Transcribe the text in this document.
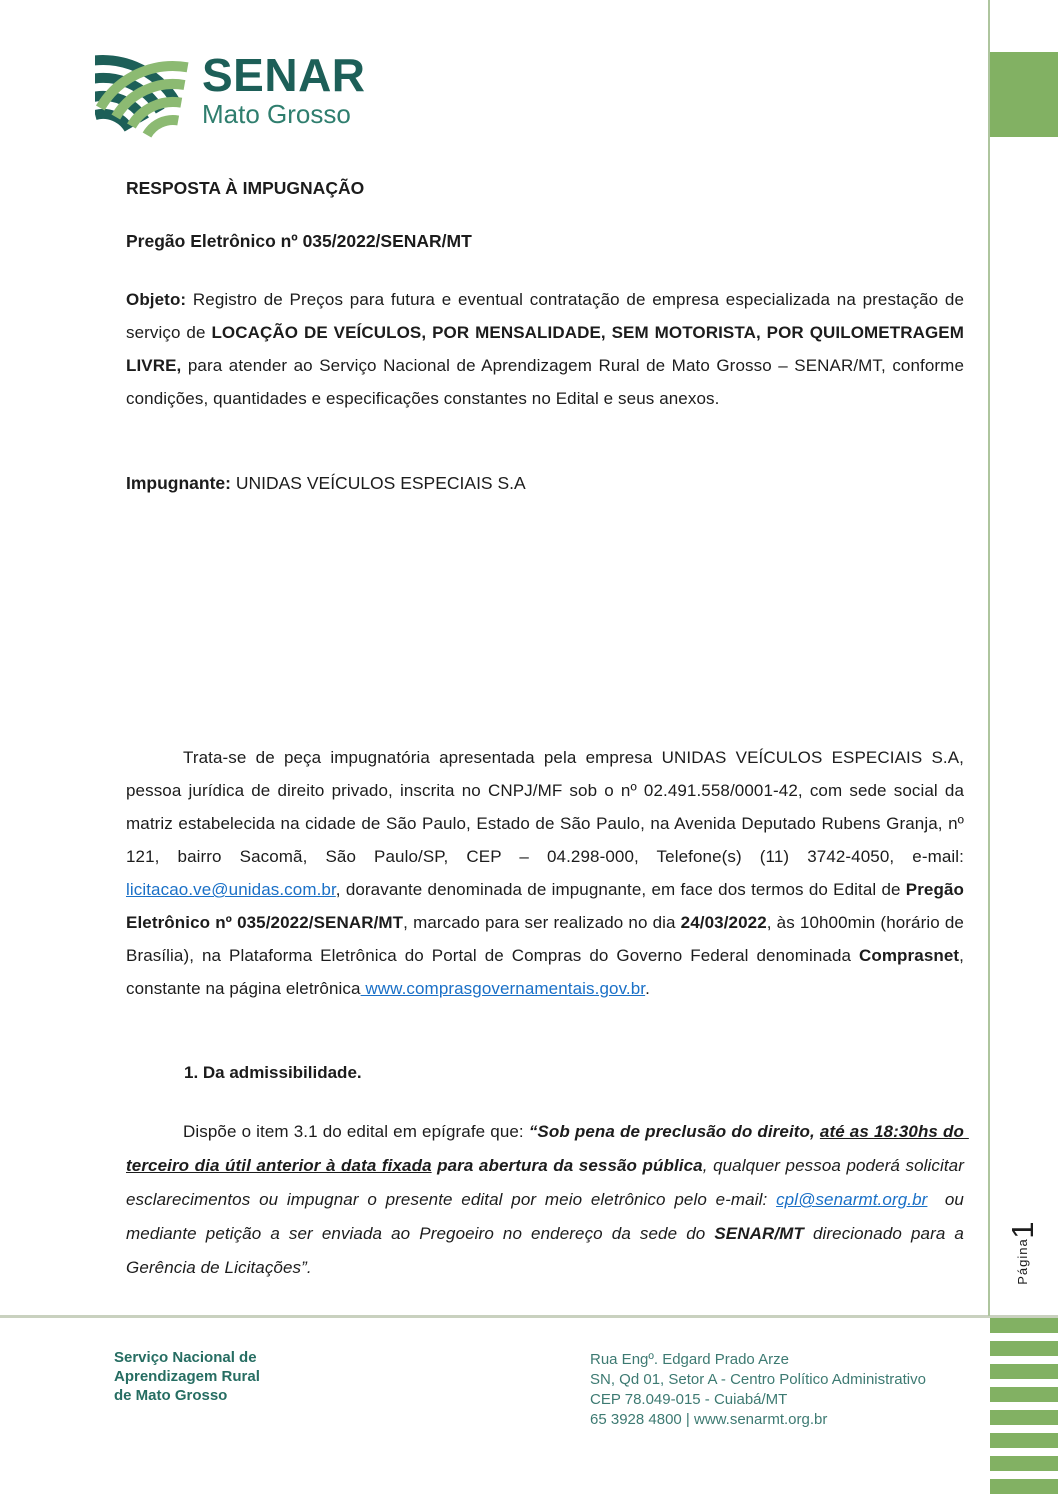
SENAR
Mato Grosso
RESPOSTA À IMPUGNAÇÃO
Pregão Eletrônico nº 035/2022/SENAR/MT
Objeto: Registro de Preços para futura e eventual contratação de empresa especializada na prestação de serviço de LOCAÇÃO DE VEÍCULOS, POR MENSALIDADE, SEM MOTORISTA, POR QUILOMETRAGEM LIVRE, para atender ao Serviço Nacional de Aprendizagem Rural de Mato Grosso – SENAR/MT, conforme condições, quantidades e especificações constantes no Edital e seus anexos.
Impugnante: UNIDAS VEÍCULOS ESPECIAIS S.A
Trata-se de peça impugnatória apresentada pela empresa UNIDAS VEÍCULOS ESPECIAIS S.A, pessoa jurídica de direito privado, inscrita no CNPJ/MF sob o nº 02.491.558/0001-42, com sede social da matriz estabelecida na cidade de São Paulo, Estado de São Paulo, na Avenida Deputado Rubens Granja, nº 121, bairro Sacomã, São Paulo/SP, CEP – 04.298-000, Telefone(s) (11) 3742-4050, e-mail: licitacao.ve@unidas.com.br, doravante denominada de impugnante, em face dos termos do Edital de Pregão Eletrônico nº 035/2022/SENAR/MT, marcado para ser realizado no dia 24/03/2022, às 10h00min (horário de Brasília), na Plataforma Eletrônica do Portal de Compras do Governo Federal denominada Comprasnet, constante na página eletrônica www.comprasgovernamentais.gov.br.
1. Da admissibilidade.
Dispõe o item 3.1 do edital em epígrafe que: “Sob pena de preclusão do direito, até as 18:30hs do terceiro dia útil anterior à data fixada para abertura da sessão pública, qualquer pessoa poderá solicitar esclarecimentos ou impugnar o presente edital por meio eletrônico pelo e-mail: cpl@senarmt.org.br  ou mediante petição a ser enviada ao Pregoeiro no endereço da sede do SENAR/MT direcionado para a Gerência de Licitações”.
Serviço Nacional de
Aprendizagem Rural
de Mato Grosso
Rua Engº. Edgard Prado Arze
SN, Qd 01, Setor A - Centro Político Administrativo
CEP 78.049-015 - Cuiabá/MT
65 3928 4800 | www.senarmt.org.br
Página
1
